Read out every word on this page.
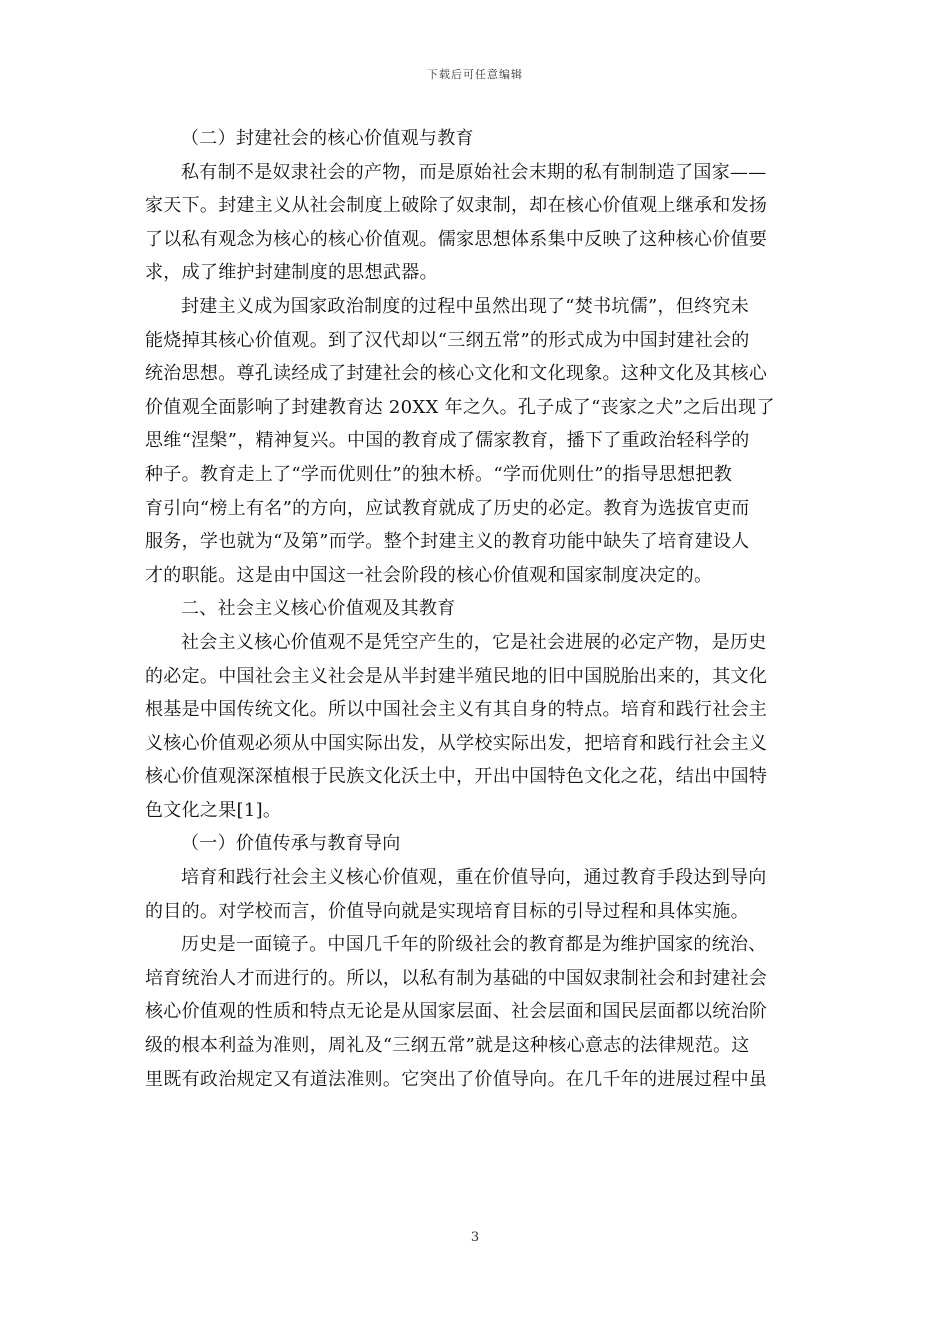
下载后可任意编辑

（二）封建社会的核心价值观与教育

私有制不是奴隶社会的产物，而是原始社会末期的私有制制造了国家——
家天下。封建主义从社会制度上破除了奴隶制，却在核心价值观上继承和发扬
了以私有观念为核心的核心价值观。儒家思想体系集中反映了这种核心价值要
求，成了维护封建制度的思想武器。

封建主义成为国家政治制度的过程中虽然出现了“焚书坑儒”，但终究未
能烧掉其核心价值观。到了汉代却以“三纲五常”的形式成为中国封建社会的
统治思想。尊孔读经成了封建社会的核心文化和文化现象。这种文化及其核心
价值观全面影响了封建教育达 20XX 年之久。孔子成了“丧家之犬”之后出现了
思维“涅槃”，精神复兴。中国的教育成了儒家教育，播下了重政治轻科学的
种子。教育走上了“学而优则仕”的独木桥。“学而优则仕”的指导思想把教
育引向“榜上有名”的方向，应试教育就成了历史的必定。教育为选拔官吏而
服务，学也就为“及第”而学。整个封建主义的教育功能中缺失了培育建设人
才的职能。这是由中国这一社会阶段的核心价值观和国家制度决定的。

二、社会主义核心价值观及其教育

社会主义核心价值观不是凭空产生的，它是社会进展的必定产物，是历史
的必定。中国社会主义社会是从半封建半殖民地的旧中国脱胎出来的，其文化
根基是中国传统文化。所以中国社会主义有其自身的特点。培育和践行社会主
义核心价值观必须从中国实际出发，从学校实际出发，把培育和践行社会主义
核心价值观深深植根于民族文化沃土中，开出中国特色文化之花，结出中国特
色文化之果[1]。

（一）价值传承与教育导向

培育和践行社会主义核心价值观，重在价值导向，通过教育手段达到导向
的目的。对学校而言，价值导向就是实现培育目标的引导过程和具体实施。

历史是一面镜子。中国几千年的阶级社会的教育都是为维护国家的统治、
培育统治人才而进行的。所以，以私有制为基础的中国奴隶制社会和封建社会
核心价值观的性质和特点无论是从国家层面、社会层面和国民层面都以统治阶
级的根本利益为准则，周礼及“三纲五常”就是这种核心意志的法律规范。这
里既有政治规定又有道法准则。它突出了价值导向。在几千年的进展过程中虽

3
